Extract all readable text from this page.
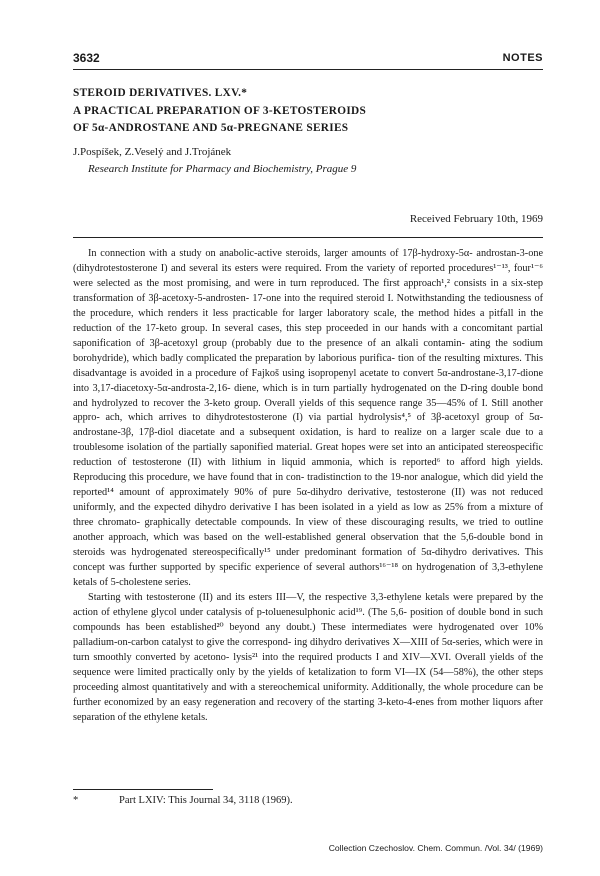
3632	NOTES
STEROID DERIVATIVES. LXV.*
A PRACTICAL PREPARATION OF 3-KETOSTEROIDS
OF 5α-ANDROSTANE AND 5α-PREGNANE SERIES
J.Pospíšek, Z.Veselý and J.Trojánek
Research Institute for Pharmacy and Biochemistry, Prague 9
Received February 10th, 1969

In connection with a study on anabolic-active steroids, larger amounts of 17β-hydroxy-5α- androstan-3-one (dihydrotestosterone I) and several its esters were required. From the variety of reported procedures¹⁻¹³, four¹⁻⁶ were selected as the most promising, and were in turn reproduced. The first approach¹,² consists in a six-step transformation of 3β-acetoxy-5-androsten- 17-one into the required steroid I. Notwithstanding the tediousness of the procedure, which renders it less practicable for larger laboratory scale, the method hides a pitfall in the reduction of the 17-keto group. In several cases, this step proceeded in our hands with a concomitant partial saponification of 3β-acetoxyl group (probably due to the presence of an alkali contamin- ating the sodium borohydride), which badly complicated the preparation by laborious purifica- tion of the resulting mixtures. This disadvantage is avoided in a procedure of Fajkoš using isopropenyl acetate to convert 5α-androstane-3,17-dione into 3,17-diacetoxy-5α-androsta-2,16- diene, which is in turn partially hydrogenated on the D-ring double bond and hydrolyzed to recover the 3-keto group. Overall yields of this sequence range 35—45% of I. Still another appro- ach, which arrives to dihydrotestosterone (I) via partial hydrolysis⁴,⁵ of 3β-acetoxyl group of 5α-androstane-3β, 17β-diol diacetate and a subsequent oxidation, is hard to realize on a larger scale due to a troublesome isolation of the partially saponified material. Great hopes were set into an anticipated stereospecific reduction of testosterone (II) with lithium in liquid ammonia, which is reported⁶ to afford high yields. Reproducing this procedure, we have found that in con- tradistinction to the 19-nor analogue, which did yield the reported¹⁴ amount of approximately 90% of pure 5α-dihydro derivative, testosterone (II) was not reduced uniformly, and the expected dihydro derivative I has been isolated in a yield as low as 25% from a mixture of three chromato- graphically detectable compounds. In view of these discouraging results, we tried to outline another approach, which was based on the well-established general observation that the 5,6-double bond in steroids was hydrogenated stereospecifically¹⁵ under predominant formation of 5α-dihydro derivatives. This concept was further supported by specific experience of several authors¹⁶⁻¹⁸ on hydrogenation of 3,3-ethylene ketals of 5-cholestene series.

Starting with testosterone (II) and its esters III—V, the respective 3,3-ethylene ketals were prepared by the action of ethylene glycol under catalysis of p-toluenesulphonic acid¹⁹. (The 5,6- position of double bond in such compounds has been established²⁰ beyond any doubt.) These intermediates were hydrogenated over 10% palladium-on-carbon catalyst to give the correspond- ing dihydro derivatives X—XIII of 5α-series, which were in turn smoothly converted by acetono- lysis²¹ into the required products I and XIV—XVI. Overall yields of the sequence were limited practically only by the yields of ketalization to form VI—IX (54—58%), the other steps proceeding almost quantitatively and with a stereochemical uniformity. Additionally, the whole procedure can be further economized by an easy regeneration and recovery of the starting 3-keto-4-enes from mother liquors after separation of the ethylene ketals.

*	Part LXIV: This Journal 34, 3118 (1969).
Collection Czechoslov. Chem. Commun. /Vol. 34/ (1969)
